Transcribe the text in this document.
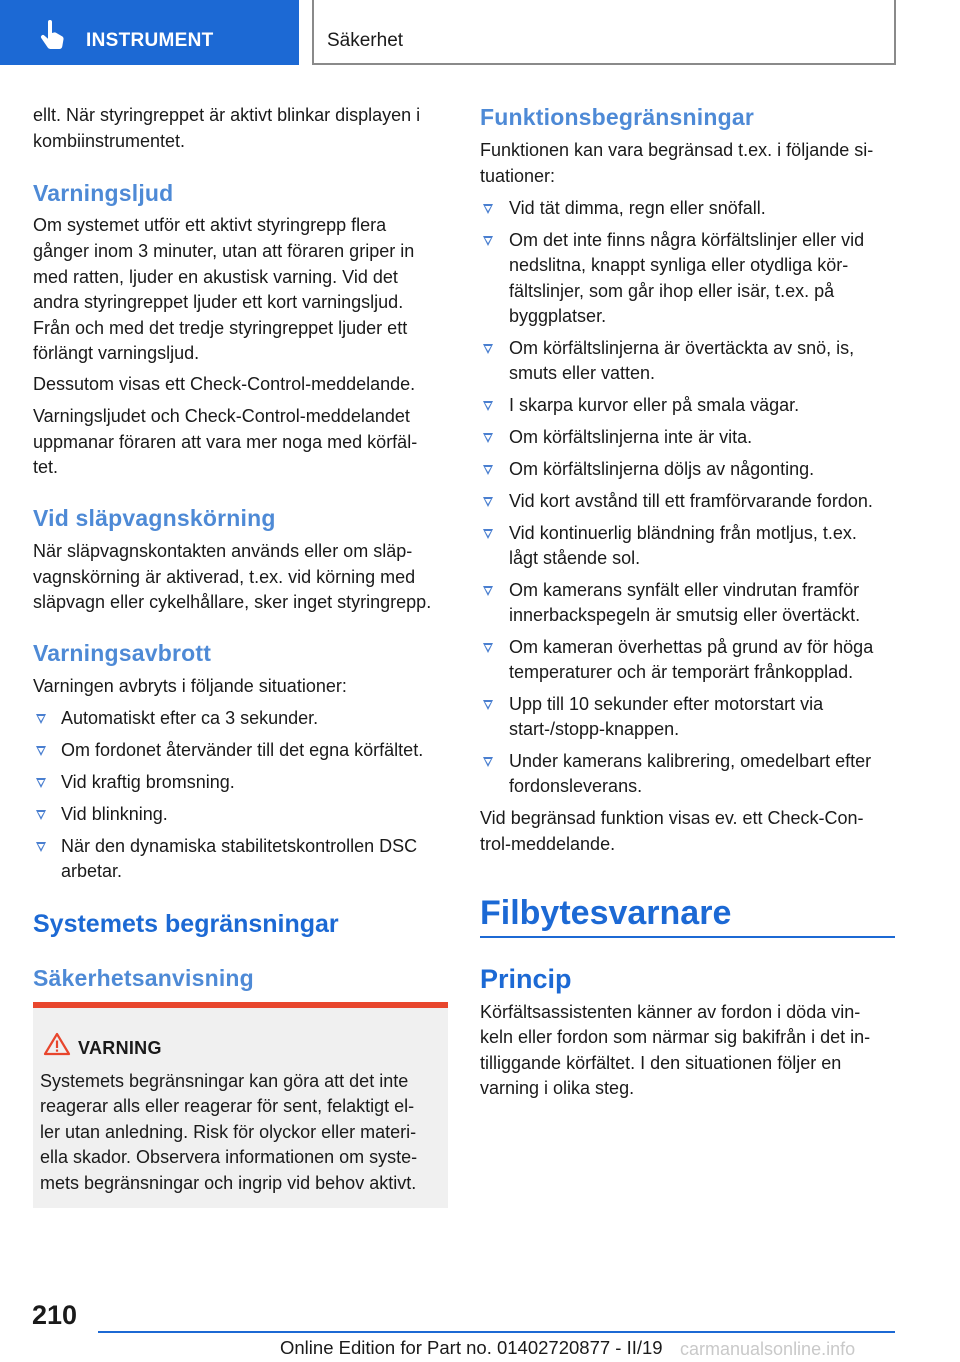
INSTRUMENT	Säkerhet
ellt. När styringreppet är aktivt blinkar displayen i
kombiinstrumentet.
Varningsljud
Om systemet utför ett aktivt styringrepp flera
gånger inom 3 minuter, utan att föraren griper in
med ratten, ljuder en akustisk varning. Vid det
andra styringreppet ljuder ett kort varningsljud.
Från och med det tredje styringreppet ljuder ett
förlängt varningsljud.
Dessutom visas ett Check-Control-meddelande.
Varningsljudet och Check-Control-meddelandet
uppmanar föraren att vara mer noga med körfäl‐
tet.
Vid släpvagnskörning
När släpvagnskontakten används eller om släp‐
vagnskörning är aktiverad, t.ex. vid körning med
släpvagn eller cykelhållare, sker inget styringrepp.
Varningsavbrott
Varningen avbryts i följande situationer:
Automatiskt efter ca 3 sekunder.
Om fordonet återvänder till det egna körfältet.
Vid kraftig bromsning.
Vid blinkning.
När den dynamiska stabilitetskontrollen DSC
arbetar.
Systemets begränsningar
Säkerhetsanvisning
VARNING
Systemets begränsningar kan göra att det inte
reagerar alls eller reagerar för sent, felaktigt el‐
ler utan anledning. Risk för olyckor eller materi‐
ella skador. Observera informationen om syste‐
mets begränsningar och ingrip vid behov aktivt.
Funktionsbegränsningar
Funktionen kan vara begränsad t.ex. i följande si‐
tuationer:
Vid tät dimma, regn eller snöfall.
Om det inte finns några körfältslinjer eller vid
nedslitna, knappt synliga eller otydliga kör‐
fältslinjer, som går ihop eller isär, t.ex. på
byggplatser.
Om körfältslinjerna är övertäckta av snö, is,
smuts eller vatten.
I skarpa kurvor eller på smala vägar.
Om körfältslinjerna inte är vita.
Om körfältslinjerna döljs av någonting.
Vid kort avstånd till ett framförvarande fordon.
Vid kontinuerlig bländning från motljus, t.ex.
lågt stående sol.
Om kamerans synfält eller vindrutan framför
innerbackspegeln är smutsig eller övertäckt.
Om kameran överhettas på grund av för höga
temperaturer och är temporärt frånkopplad.
Upp till 10 sekunder efter motorstart via
start-/stopp-knappen.
Under kamerans kalibrering, omedelbart efter
fordonsleverans.
Vid begränsad funktion visas ev. ett Check-Con‐
trol-meddelande.
Filbytesvarnare
Princip
Körfältsassistenten känner av fordon i döda vin‐
keln eller fordon som närmar sig bakifrån i det in‐
tilliggande körfältet. I den situationen följer en
varning i olika steg.
210
Online Edition for Part no. 01402720877 - II/19 carmanualsonline.info
